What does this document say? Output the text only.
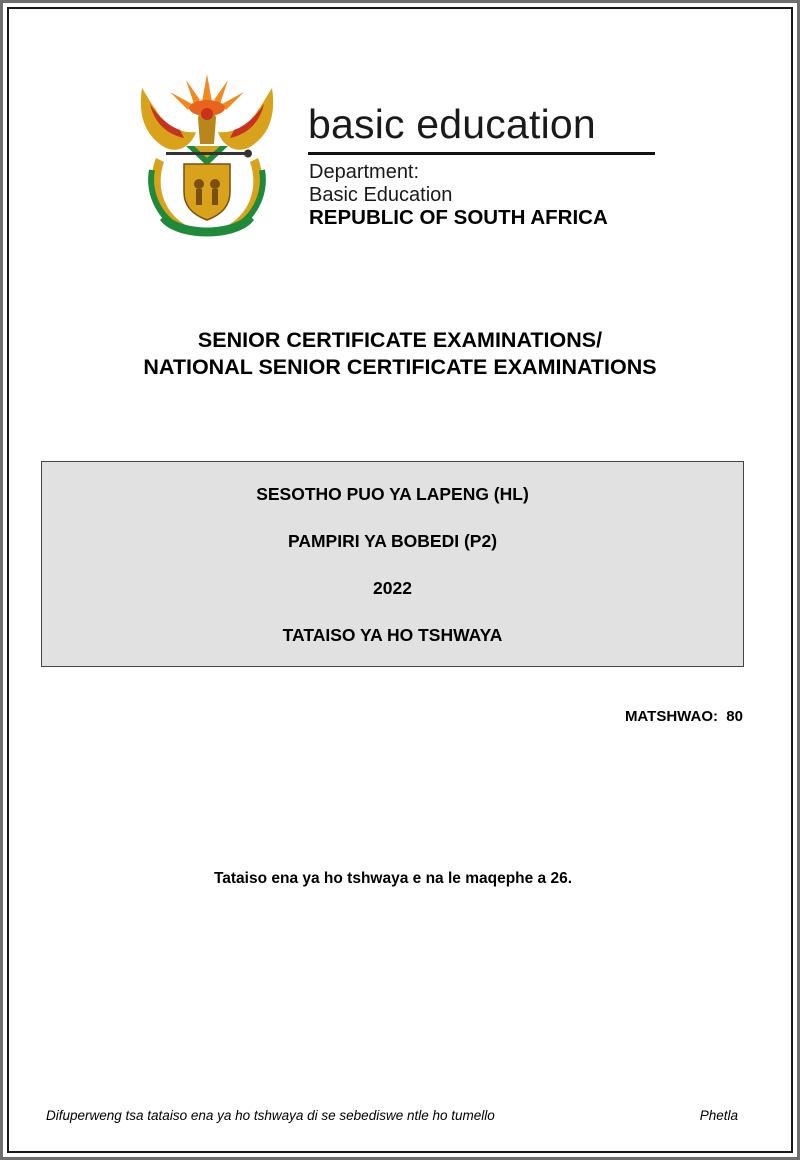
basic education
Department:
Basic Education
REPUBLIC OF SOUTH AFRICA
SENIOR CERTIFICATE EXAMINATIONS/
NATIONAL SENIOR CERTIFICATE EXAMINATIONS
SESOTHO PUO YA LAPENG (HL)
PAMPIRI YA BOBEDI (P2)
2022
TATAISO YA HO TSHWAYA
MATSHWAO:  80
Tataiso ena ya ho tshwaya e na le maqephe a 26.
Difuperweng tsa tataiso ena ya ho tshwaya di se sebediswe ntle ho tumello	Phetla
